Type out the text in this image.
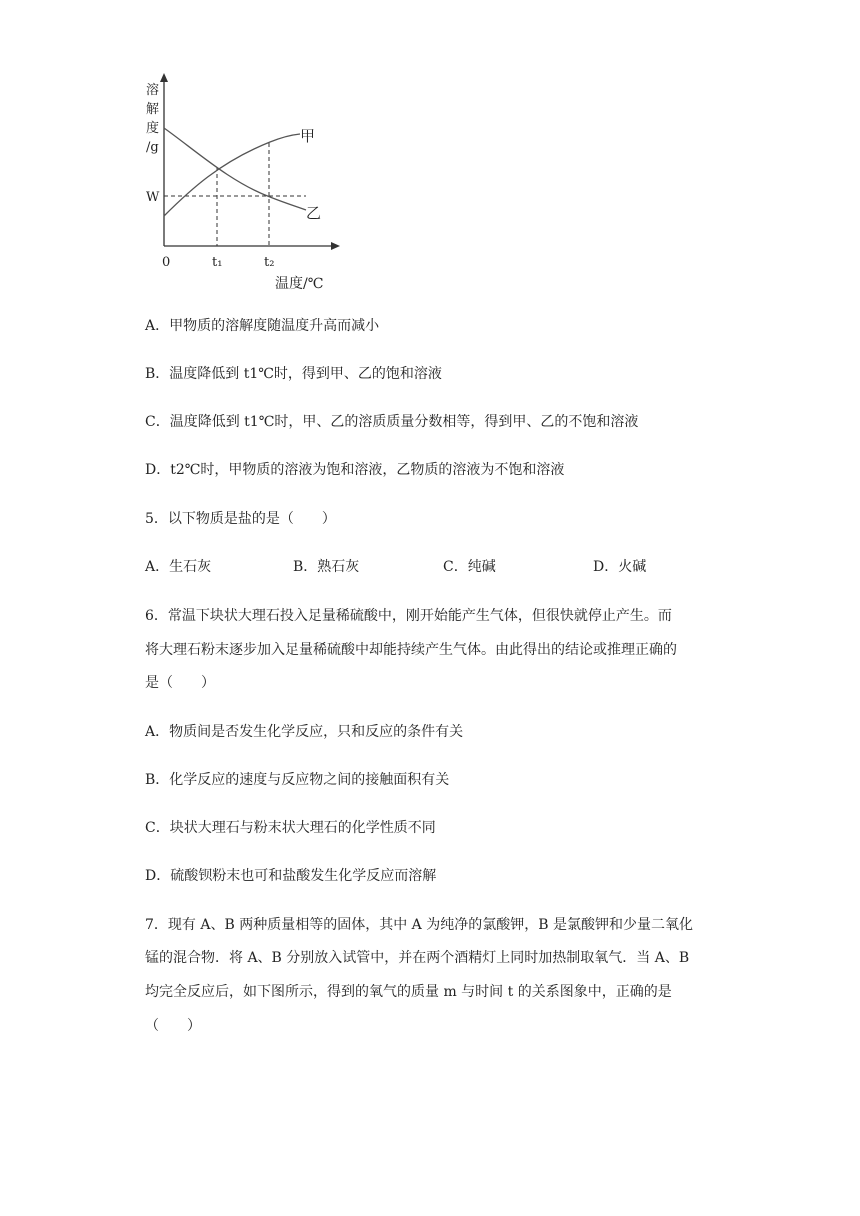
溶解度/g
甲
乙
W
0	t₁	t₂
温度/℃

A．甲物质的溶解度随温度升高而减小

B．温度降低到 t1℃时，得到甲、乙的饱和溶液

C．温度降低到 t1℃时，甲、乙的溶质质量分数相等，得到甲、乙的不饱和溶液

D．t2℃时，甲物质的溶液为饱和溶液，乙物质的溶液为不饱和溶液

5．以下物质是盐的是（　　）

A．生石灰	B．熟石灰	C．纯碱	D．火碱

6．常温下块状大理石投入足量稀硫酸中，刚开始能产生气体，但很快就停止产生。而

将大理石粉末逐步加入足量稀硫酸中却能持续产生气体。由此得出的结论或推理正确的

是（　　）

A．物质间是否发生化学反应，只和反应的条件有关

B．化学反应的速度与反应物之间的接触面积有关

C．块状大理石与粉末状大理石的化学性质不同

D．硫酸钡粉末也可和盐酸发生化学反应而溶解

7．现有 A、B 两种质量相等的固体，其中 A 为纯净的氯酸钾，B 是氯酸钾和少量二氧化

锰的混合物．将 A、B 分别放入试管中，并在两个酒精灯上同时加热制取氧气．当 A、B

均完全反应后，如下图所示，得到的氧气的质量 m 与时间 t 的关系图象中，正确的是

（　　）
